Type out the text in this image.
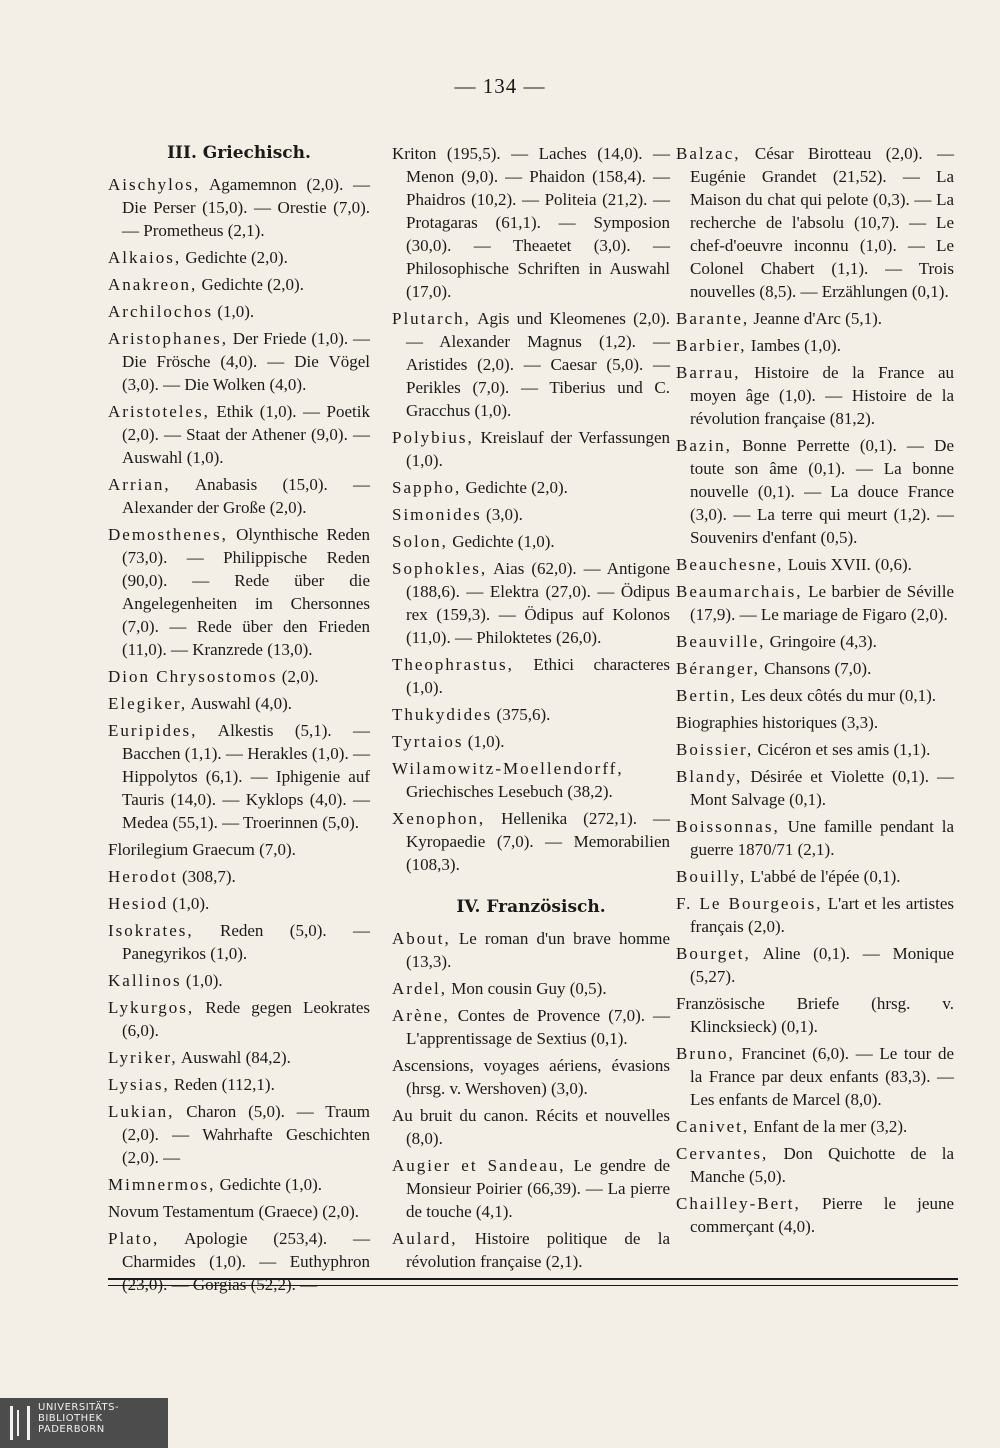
— 134 —
III. Griechisch.

Aischylos, Agamemnon (2,0). — Die Perser (15,0). — Orestie (7,0). — Prometheus (2,1).

Alkaios, Gedichte (2,0).

Anakreon, Gedichte (2,0).

Archilochos (1,0).

Aristophanes, Der Friede (1,0). — Die Frösche (4,0). — Die Vögel (3,0). — Die Wolken (4,0).

Aristoteles, Ethik (1,0). — Poetik (2,0). — Staat der Athener (9,0). — Auswahl (1,0).

Arrian, Anabasis (15,0). — Alexander der Große (2,0).

Demosthenes, Olynthische Reden (73,0). — Philippische Reden (90,0). — Rede über die Angelegenheiten im Chersonnes (7,0). — Rede über den Frieden (11,0). — Kranzrede (13,0).

Dion Chrysostomos (2,0).

Elegiker, Auswahl (4,0).

Euripides, Alkestis (5,1). — Bacchen (1,1). — Herakles (1,0). — Hippolytos (6,1). — Iphigenie auf Tauris (14,0). — Kyklops (4,0). — Medea (55,1). — Troerinnen (5,0).

Florilegium Graecum (7,0).

Herodot (308,7).

Hesiod (1,0).

Isokrates, Reden (5,0). — Panegyrikos (1,0).

Kallinos (1,0).

Lykurgos, Rede gegen Leokrates (6,0).

Lyriker, Auswahl (84,2).

Lysias, Reden (112,1).

Lukian, Charon (5,0). — Traum (2,0). — Wahrhafte Geschichten (2,0). —

Mimnermos, Gedichte (1,0).

Novum Testamentum (Graece) (2,0).

Plato, Apologie (253,4). — Charmides (1,0). — Euthyphron (23,0). — Gorgias (52,2). —

Kriton (195,5). — Laches (14,0). — Menon (9,0). — Phaidon (158,4). — Phaidros (10,2). — Politeia (21,2). — Protagaras (61,1). — Symposion (30,0). — Theaetet (3,0). — Philosophische Schriften in Auswahl (17,0).

Plutarch, Agis und Kleomenes (2,0). — Alexander Magnus (1,2). — Aristides (2,0). — Caesar (5,0). — Perikles (7,0). — Tiberius und C. Gracchus (1,0).

Polybius, Kreislauf der Verfassungen (1,0).

Sappho, Gedichte (2,0).

Simonides (3,0).

Solon, Gedichte (1,0).

Sophokles, Aias (62,0). — Antigone (188,6). — Elektra (27,0). — Ödipus rex (159,3). — Ödipus auf Kolonos (11,0). — Philoktetes (26,0).

Theophrastus, Ethici characteres (1,0).

Thukydides (375,6).

Tyrtaios (1,0).

Wilamowitz-Moellendorff, Griechisches Lesebuch (38,2).

Xenophon, Hellenika (272,1). — Kyropaedie (7,0). — Memorabilien (108,3).

IV. Französisch.

About, Le roman d'un brave homme (13,3).

Ardel, Mon cousin Guy (0,5).

Arène, Contes de Provence (7,0). — L'apprentissage de Sextius (0,1).

Ascensions, voyages aériens, évasions (hrsg. v. Wershoven) (3,0).

Au bruit du canon. Récits et nouvelles (8,0).

Augier et Sandeau, Le gendre de Monsieur Poirier (66,39). — La pierre de touche (4,1).

Aulard, Histoire politique de la révolution française (2,1).

Balzac, César Birotteau (2,0). — Eugénie Grandet (21,52). — La Maison du chat qui pelote (0,3). — La recherche de l'absolu (10,7). — Le chef-d'oeuvre inconnu (1,0). — Le Colonel Chabert (1,1). — Trois nouvelles (8,5). — Erzählungen (0,1).

Barante, Jeanne d'Arc (5,1).

Barbier, Iambes (1,0).

Barrau, Histoire de la France au moyen âge (1,0). — Histoire de la révolution française (81,2).

Bazin, Bonne Perrette (0,1). — De toute son âme (0,1). — La bonne nouvelle (0,1). — La douce France (3,0). — La terre qui meurt (1,2). — Souvenirs d'enfant (0,5).

Beauchesne, Louis XVII. (0,6).

Beaumarchais, Le barbier de Séville (17,9). — Le mariage de Figaro (2,0).

Beauville, Gringoire (4,3).

Béranger, Chansons (7,0).

Bertin, Les deux côtés du mur (0,1).

Biographies historiques (3,3).

Boissier, Cicéron et ses amis (1,1).

Blandy, Désirée et Violette (0,1). — Mont Salvage (0,1).

Boissonnas, Une famille pendant la guerre 1870/71 (2,1).

Bouilly, L'abbé de l'épée (0,1).

F. Le Bourgeois, L'art et les artistes français (2,0).

Bourget, Aline (0,1). — Monique (5,27).

Französische Briefe (hrsg. v. Klincksieck) (0,1).

Bruno, Francinet (6,0). — Le tour de la France par deux enfants (83,3). — Les enfants de Marcel (8,0).

Canivet, Enfant de la mer (3,2).

Cervantes, Don Quichotte de la Manche (5,0).

Chailley-Bert, Pierre le jeune commerçant (4,0).

UNIVERSITÄTS-
BIBLIOTHEK
PADERBORN
